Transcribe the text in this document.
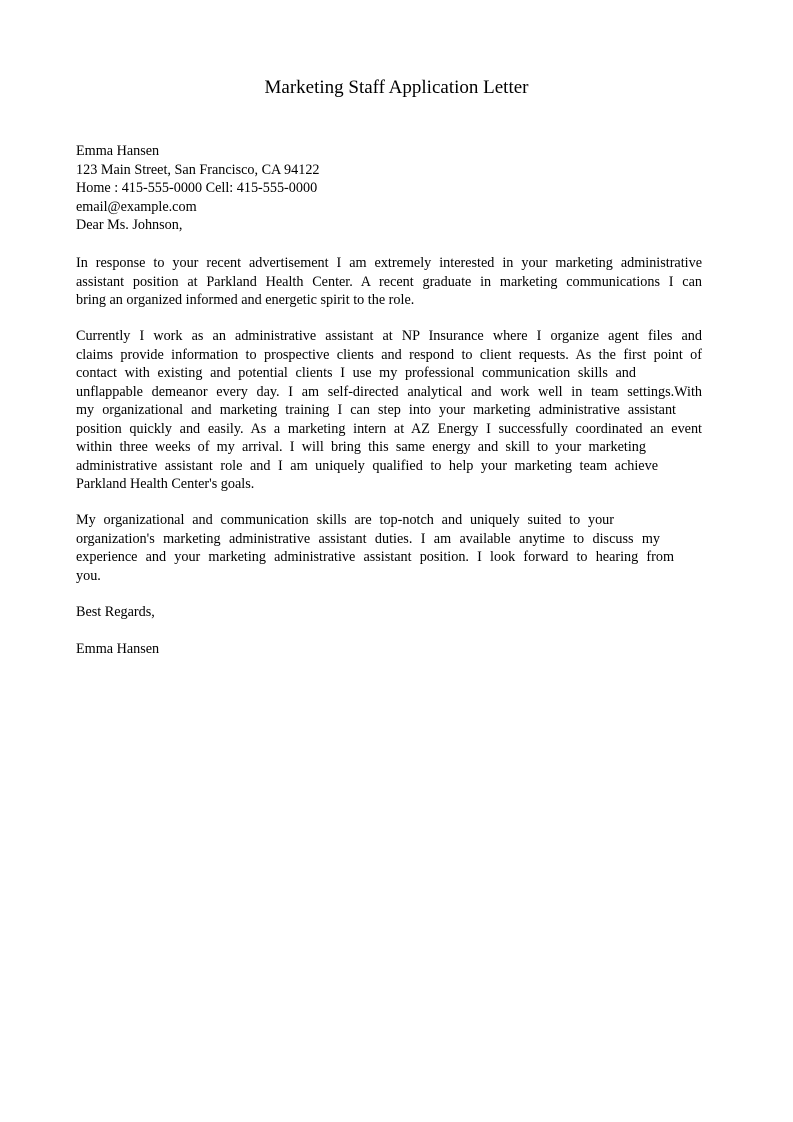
Marketing Staff Application Letter
Emma Hansen
123 Main Street, San Francisco, CA 94122
Home : 415-555-0000 Cell: 415-555-0000
email@example.com
Dear Ms. Johnson,
In response to your recent advertisement I am extremely interested in your marketing administrative
assistant position at Parkland Health Center. A recent graduate in marketing communications I can
bring an organized informed and energetic spirit to the role.
Currently I work as an administrative assistant at NP Insurance where I organize agent files and
claims provide information to prospective clients and respond to client requests. As the first point of
contact with existing and potential clients I use my professional communication skills and
unflappable demeanor every day. I am self-directed analytical and work well in team settings.With
my organizational and marketing training I can step into your marketing administrative assistant
position quickly and easily. As a marketing intern at AZ Energy I successfully coordinated an event
within three weeks of my arrival. I will bring this same energy and skill to your marketing
administrative assistant role and I am uniquely qualified to help your marketing team achieve
Parkland Health Center's goals.
My organizational and communication skills are top-notch and uniquely suited to your
organization's marketing administrative assistant duties. I am available anytime to discuss my
experience and your marketing administrative assistant position. I look forward to hearing from
you.
Best Regards,
Emma Hansen
